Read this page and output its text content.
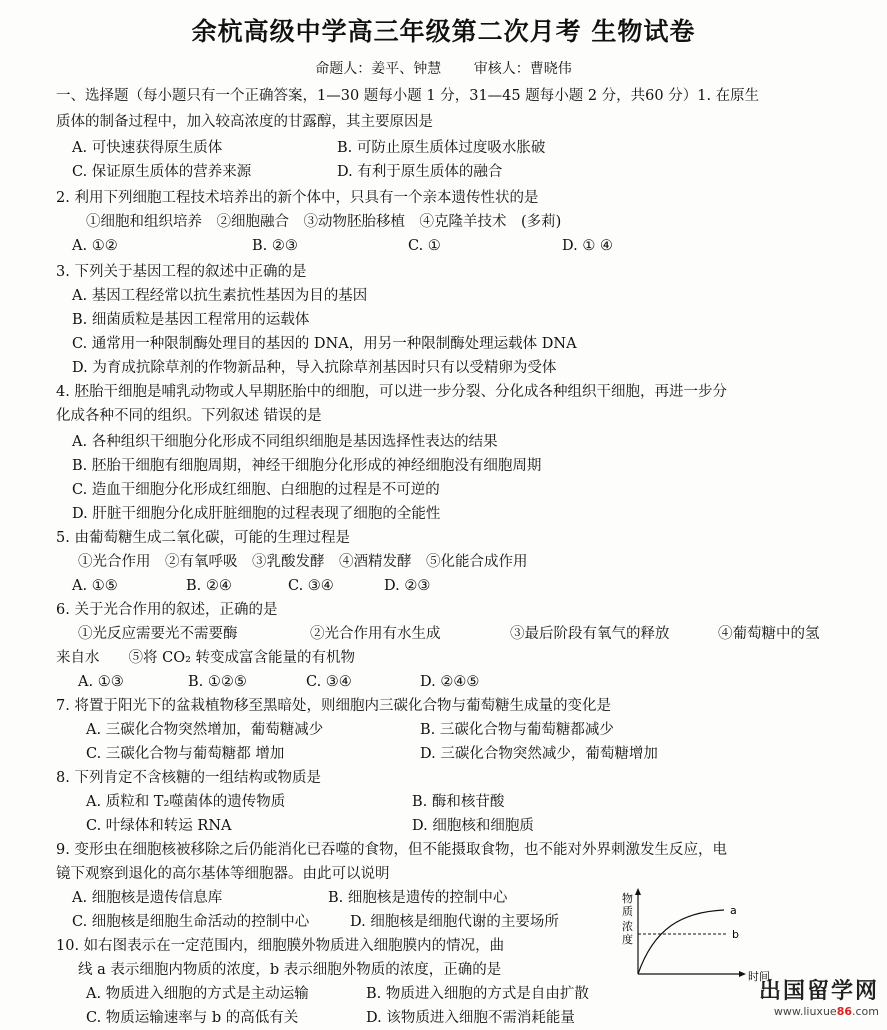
余杭高级中学高三年级第二次月考 生物试卷
命题人：姜平、钟慧 审核人：曹晓伟
一、选择题（每小题只有一个正确答案，1—30 题每小题 1 分，31—45 题每小题 2 分，共60 分）1. 在原生
质体的制备过程中，加入较高浓度的甘露醇，其主要原因是
A. 可快速获得原生质体	B. 可防止原生质体过度吸水胀破
C. 保证原生质体的营养来源	D. 有利于原生质体的融合
2. 利用下列细胞工程技术培养出的新个体中，只具有一个亲本遗传性状的是
①细胞和组织培养　②细胞融合　③动物胚胎移植　④克隆羊技术　(多莉)
A. ①②	B. ②③	C. ①	D. ① ④
3. 下列关于基因工程的叙述中正确的是
A. 基因工程经常以抗生素抗性基因为目的基因
B. 细菌质粒是基因工程常用的运载体
C. 通常用一种限制酶处理目的基因的 DNA，用另一种限制酶处理运载体 DNA
D. 为育成抗除草剂的作物新品种，导入抗除草剂基因时只有以受精卵为受体
4. 胚胎干细胞是哺乳动物或人早期胚胎中的细胞，可以进一步分裂、分化成各种组织干细胞，再进一步分
化成各种不同的组织。下列叙述 错误的是
A. 各种组织干细胞分化形成不同组织细胞是基因选择性表达的结果
B. 胚胎干细胞有细胞周期，神经干细胞分化形成的神经细胞没有细胞周期
C. 造血干细胞分化形成红细胞、白细胞的过程是不可逆的
D. 肝脏干细胞分化成肝脏细胞的过程表现了细胞的全能性
5. 由葡萄糖生成二氧化碳，可能的生理过程是
①光合作用　②有氧呼吸　③乳酸发酵　④酒精发酵　⑤化能合成作用
A. ①⑤	B. ②④	C. ③④	D. ②③
6. 关于光合作用的叙述，正确的是
①光反应需要光不需要酶	②光合作用有水生成	③最后阶段有氧气的释放	④葡萄糖中的氢
来自水　　⑤将 CO₂ 转变成富含能量的有机物
A. ①③	B. ①②⑤	C. ③④	D. ②④⑤
7. 将置于阳光下的盆栽植物移至黑暗处，则细胞内三碳化合物与葡萄糖生成量的变化是
A. 三碳化合物突然增加，葡萄糖减少	B. 三碳化合物与葡萄糖都减少
C. 三碳化合物与葡萄糖都 增加	D. 三碳化合物突然减少，葡萄糖增加
8. 下列肯定不含核糖的一组结构或物质是
A. 质粒和 T₂噬菌体的遗传物质	B. 酶和核苷酸
C. 叶绿体和转运 RNA	D. 细胞核和细胞质
9. 变形虫在细胞核被移除之后仍能消化已吞噬的食物，但不能摄取食物，也不能对外界刺激发生反应，电
镜下观察到退化的高尔基体等细胞器。由此可以说明
A. 细胞核是遗传信息库	B. 细胞核是遗传的控制中心
C. 细胞核是细胞生命活动的控制中心	D. 细胞核是细胞代谢的主要场所
10. 如右图表示在一定范围内，细胞膜外物质进入细胞膜内的情况，曲
线 a 表示细胞内物质的浓度，b 表示细胞外物质的浓度，正确的是
A. 物质进入细胞的方式是主动运输	B. 物质进入细胞的方式是自由扩散
C. 物质运输速率与 b 的高低有关	D. 该物质进入细胞不需消耗能量
物
质
浓
度
a
b
时间
出国留学网
www.liuxue86.com
